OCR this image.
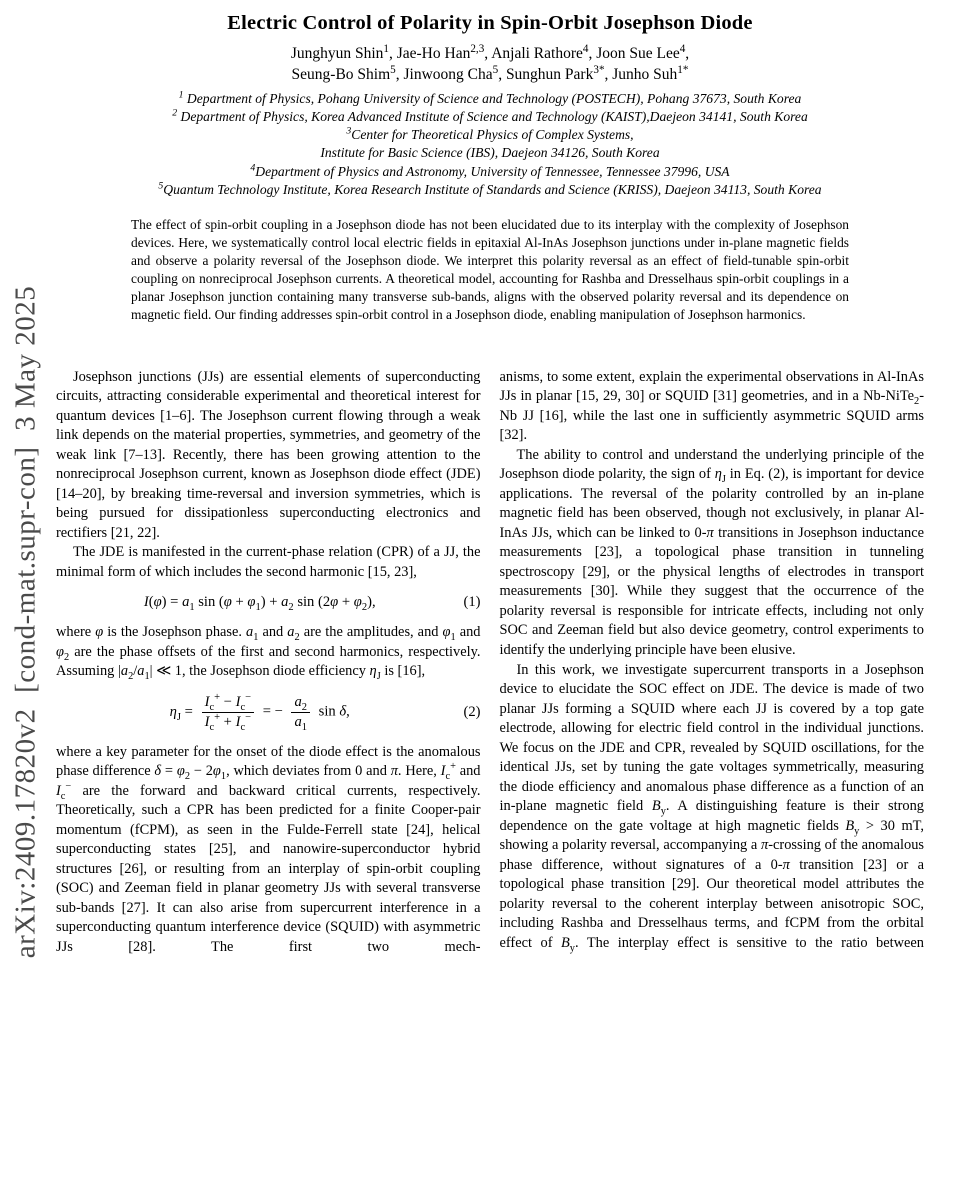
arXiv:2409.17820v2  [cond-mat.supr-con]  3 May 2025
Electric Control of Polarity in Spin-Orbit Josephson Diode
Junghyun Shin$^1$, Jae-Ho Han$^{2,3}$, Anjali Rathore$^4$, Joon Sue Lee$^4$,
Seung-Bo Shim$^5$, Jinwoong Cha$^5$, Sunghun Park$^{3*}$, Junho Suh$^{1*}$
$^1$ Department of Physics, Pohang University of Science and Technology (POSTECH), Pohang 37673, South Korea
$^2$ Department of Physics, Korea Advanced Institute of Science and Technology (KAIST),Daejeon 34141, South Korea
$^3$Center for Theoretical Physics of Complex Systems,
Institute for Basic Science (IBS), Daejeon 34126, South Korea
$^4$Department of Physics and Astronomy, University of Tennessee, Tennessee 37996, USA
$^5$Quantum Technology Institute, Korea Research Institute of Standards and Science (KRISS), Daejeon 34113, South Korea
The effect of spin-orbit coupling in a Josephson diode has not been elucidated due to its interplay with the complexity of Josephson devices. Here, we systematically control local electric fields in epitaxial Al-InAs Josephson junctions under in-plane magnetic fields and observe a polarity reversal of the Josephson diode. We interpret this polarity reversal as an effect of field-tunable spin-orbit coupling on nonreciprocal Josephson currents. A theoretical model, accounting for Rashba and Dresselhaus spin-orbit couplings in a planar Josephson junction containing many transverse sub-bands, aligns with the observed polarity reversal and its dependence on magnetic field. Our finding addresses spin-orbit control in a Josephson diode, enabling manipulation of Josephson harmonics.

Josephson junctions (JJs) are essential elements of superconducting circuits, attracting considerable experimental and theoretical interest for quantum devices [1–6]. The Josephson current flowing through a weak link depends on the material properties, symmetries, and geometry of the weak link [7–13]. Recently, there has been growing attention to the nonreciprocal Josephson current, known as Josephson diode effect (JDE) [14–20], by breaking time-reversal and inversion symmetries, which is being pursued for dissipationless superconducting electronics and rectifiers [21, 22].

The JDE is manifested in the current-phase relation (CPR) of a JJ, the minimal form of which includes the second harmonic [15, 23],

$I(\varphi) = a_1$ $\sin (\varphi + \varphi_1) + a_2$ $\sin (2\varphi + \varphi_2)$,	(1)

where φ is the Josephson phase. $a_1$ and $a_2$ are the amplitudes, and $\varphi_1$ and $\varphi_2$ are the phase offsets of the first and second harmonics, respectively. Assuming $|a_2/a_1|$ ≪ 1, the Josephson diode efficiency $\eta_J$ is [16],

$\eta_J = \frac{I_c^+ - I_c^-}{I_c^+ + I_c^-}$ = − $\frac{a_2}{a_1}$ sin δ,	(2)

where a key parameter for the onset of the diode effect is the anomalous phase difference $\delta = \varphi_2 - 2\varphi_1$, which deviates from 0 and π. Here, $I_c^+$ and $I_c^-$ are the forward and backward critical currents, respectively. Theoretically, such a CPR has been predicted for a finite Cooper-pair momentum (fCPM), as seen in the Fulde-Ferrell state [24], helical superconducting states [25], and nanowire-superconductor hybrid structures [26], or resulting from an interplay of spin-orbit coupling (SOC) and Zeeman field in planar geometry JJs with several transverse sub-bands [27]. It can also arise from supercurrent interference in a superconducting quantum interference device (SQUID) with asymmetric JJs [28]. The first two mech-

anisms, to some extent, explain the experimental observations in Al-InAs JJs in planar [15, 29, 30] or SQUID [31] geometries, and in a Nb-NiTe$_2$-Nb JJ [16], while the last one in sufficiently asymmetric SQUID arms [32].

The ability to control and understand the underlying principle of the Josephson diode polarity, the sign of $\eta_J$ in Eq. (2), is important for device applications. The reversal of the polarity controlled by an in-plane magnetic field has been observed, though not exclusively, in planar Al-InAs JJs, which can be linked to 0-π transitions in Josephson inductance measurements [23], a topological phase transition in tunneling spectroscopy [29], or the physical lengths of electrodes in transport measurements [30]. While they suggest that the occurrence of the polarity reversal is responsible for intricate effects, including not only SOC and Zeeman field but also device geometry, control experiments to identify the underlying principle have been elusive.

In this work, we investigate supercurrent transports in a Josephson device to elucidate the SOC effect on JDE. The device is made of two planar JJs forming a SQUID where each JJ is covered by a top gate electrode, allowing for electric field control in the individual junctions. We focus on the JDE and CPR, revealed by SQUID oscillations, for the identical JJs, set by tuning the gate voltages symmetrically, measuring the diode efficiency and anomalous phase difference as a function of an in-plane magnetic field $B_y$. A distinguishing feature is their strong dependence on the gate voltage at high magnetic fields $B_y > 30$ mT, showing a polarity reversal, accompanying a π-crossing of the anomalous phase difference, without signatures of a 0-π transition [23] or a topological phase transition [29]. Our theoretical model attributes the polarity reversal to the coherent interplay between anisotropic SOC, including Rashba and Dresselhaus terms, and fCPM from the orbital effect of $B_y$. The interplay effect is sensitive to the ratio between
